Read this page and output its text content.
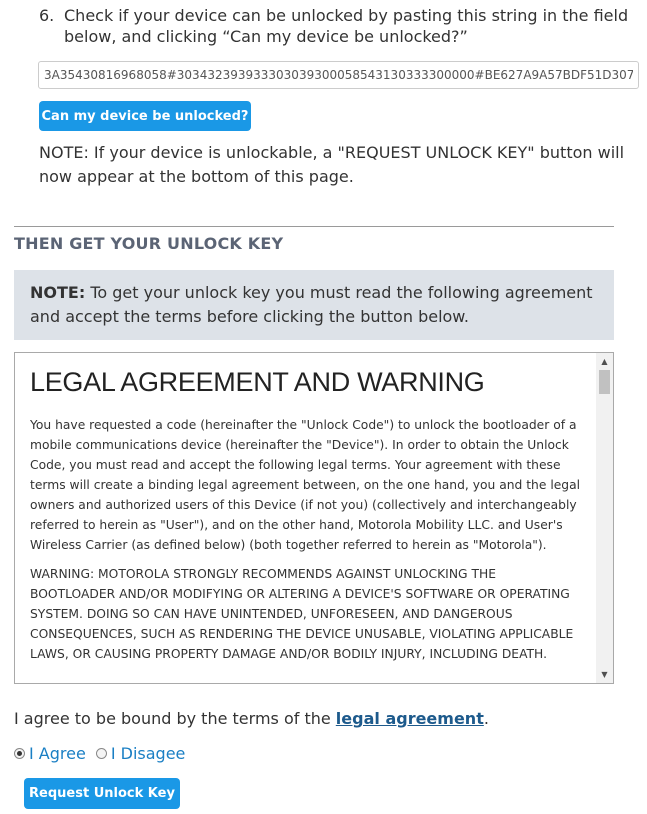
6. Check if your device can be unlocked by pasting this string in the field below, and clicking “Can my device be unlocked?”
3A35430816968058#303432393933303039300058543130333300000#BE627A9A57BDF51D3071945BD
Can my device be unlocked?
NOTE: If your device is unlockable, a "REQUEST UNLOCK KEY" button will now appear at the bottom of this page.
THEN GET YOUR UNLOCK KEY
NOTE: To get your unlock key you must read the following agreement and accept the terms before clicking the button below.
LEGAL AGREEMENT AND WARNING

You have requested a code (hereinafter the "Unlock Code") to unlock the bootloader of a mobile communications device (hereinafter the "Device"). In order to obtain the Unlock Code, you must read and accept the following legal terms. Your agreement with these terms will create a binding legal agreement between, on the one hand, you and the legal owners and authorized users of this Device (if not you) (collectively and interchangeably referred to herein as "User"), and on the other hand, Motorola Mobility LLC. and User's Wireless Carrier (as defined below) (both together referred to herein as "Motorola").

WARNING: MOTOROLA STRONGLY RECOMMENDS AGAINST UNLOCKING THE BOOTLOADER AND/OR MODIFYING OR ALTERING A DEVICE'S SOFTWARE OR OPERATING SYSTEM. DOING SO CAN HAVE UNINTENDED, UNFORESEEN, AND DANGEROUS CONSEQUENCES, SUCH AS RENDERING THE DEVICE UNUSABLE, VIOLATING APPLICABLE LAWS, OR CAUSING PROPERTY DAMAGE AND/OR BODILY INJURY, INCLUDING DEATH.

▲
▼
I agree to be bound by the terms of the legal agreement.
I Agree I Disagee
Request Unlock Key
